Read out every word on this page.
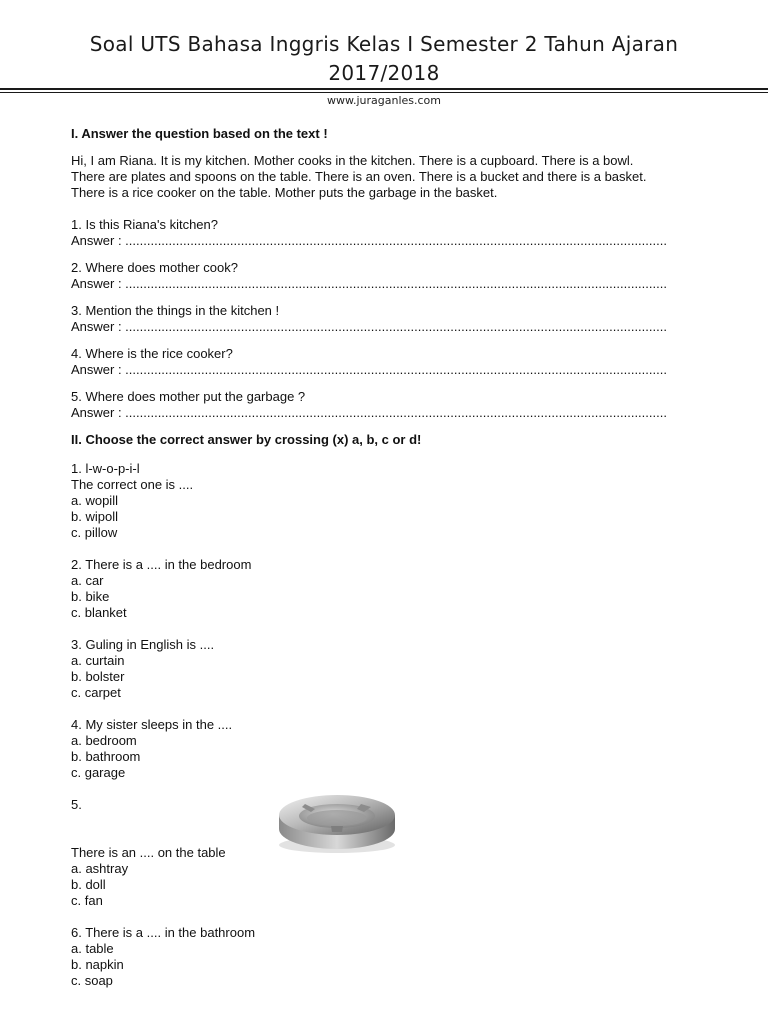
Soal UTS Bahasa Inggris Kelas I Semester 2 Tahun Ajaran
2017/2018
www.juraganles.com
I. Answer the question based on the text !
Hi, I am Riana. It is my kitchen. Mother cooks in the kitchen. There is a cupboard. There is a bowl.
There are plates and spoons on the table. There is an oven. There is a bucket and there is a basket.
There is a rice cooker on the table. Mother puts the garbage in the basket.
1. Is this Riana's kitchen?
Answer : ......................................................................................................................................................
2. Where does mother cook?
Answer : ......................................................................................................................................................
3. Mention the things in the kitchen !
Answer : ......................................................................................................................................................
4. Where is the rice cooker?
Answer : ......................................................................................................................................................
5. Where does mother put the garbage ?
Answer : ......................................................................................................................................................
II. Choose the correct answer by crossing (x) a, b, c or d!
1. l-w-o-p-i-l
The correct one is ....
a. wopill
b. wipoll
c. pillow
2. There is a .... in the bedroom
a. car
b. bike
c. blanket
3. Guling in English is ....
a. curtain
b. bolster
c. carpet
4. My sister sleeps in the ....
a. bedroom
b. bathroom
c. garage
5.
There is an .... on the table
a. ashtray
b. doll
c. fan
6. There is a .... in the bathroom
a. table
b. napkin
c. soap
